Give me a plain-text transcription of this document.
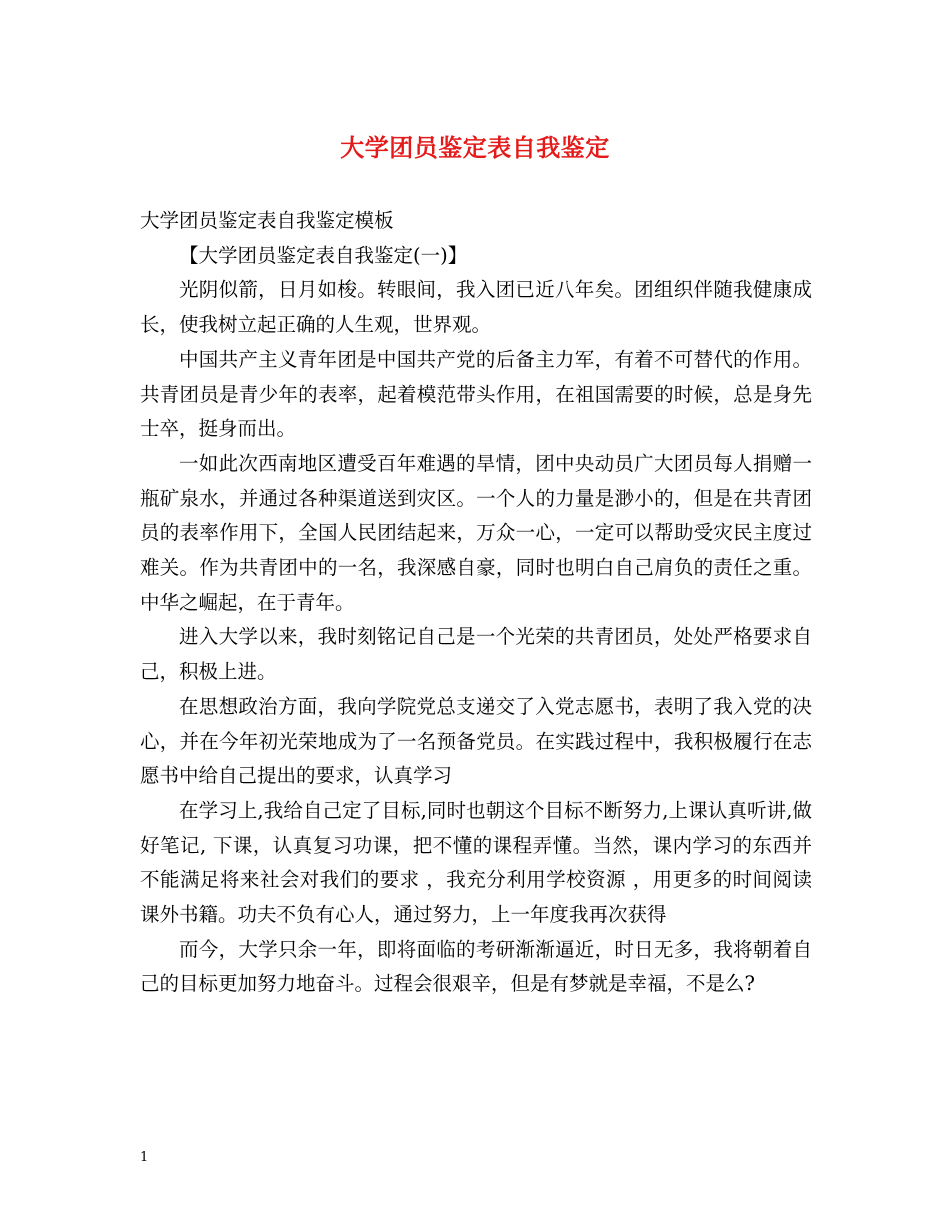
大学团员鉴定表自我鉴定

大学团员鉴定表自我鉴定模板

【大学团员鉴定表自我鉴定(一)】

光阴似箭，日月如梭。转眼间，我入团已近八年矣。团组织伴随我健康成长，使我树立起正确的人生观，世界观。

中国共产主义青年团是中国共产党的后备主力军，有着不可替代的作用。共青团员是青少年的表率，起着模范带头作用，在祖国需要的时候，总是身先士卒，挺身而出。

一如此次西南地区遭受百年难遇的旱情，团中央动员广大团员每人捐赠一瓶矿泉水，并通过各种渠道送到灾区。一个人的力量是渺小的，但是在共青团员的表率作用下，全国人民团结起来，万众一心，一定可以帮助受灾民主度过难关。作为共青团中的一名，我深感自豪，同时也明白自己肩负的责任之重。中华之崛起，在于青年。

进入大学以来，我时刻铭记自己是一个光荣的共青团员，处处严格要求自己，积极上进。

在思想政治方面，我向学院党总支递交了入党志愿书，表明了我入党的决心，并在今年初光荣地成为了一名预备党员。在实践过程中，我积极履行在志愿书中给自己提出的要求，认真学习

在学习上,我给自己定了目标,同时也朝这个目标不断努力,上课认真听讲,做好笔记, 下课，认真复习功课，把不懂的课程弄懂。当然，课内学习的东西并不能满足将来社会对我们的要求 ，我充分利用学校资源 ，用更多的时间阅读课外书籍。功夫不负有心人，通过努力，上一年度我再次获得

而今，大学只余一年，即将面临的考研渐渐逼近，时日无多，我将朝着自己的目标更加努力地奋斗。过程会很艰辛，但是有梦就是幸福，不是么?

1
